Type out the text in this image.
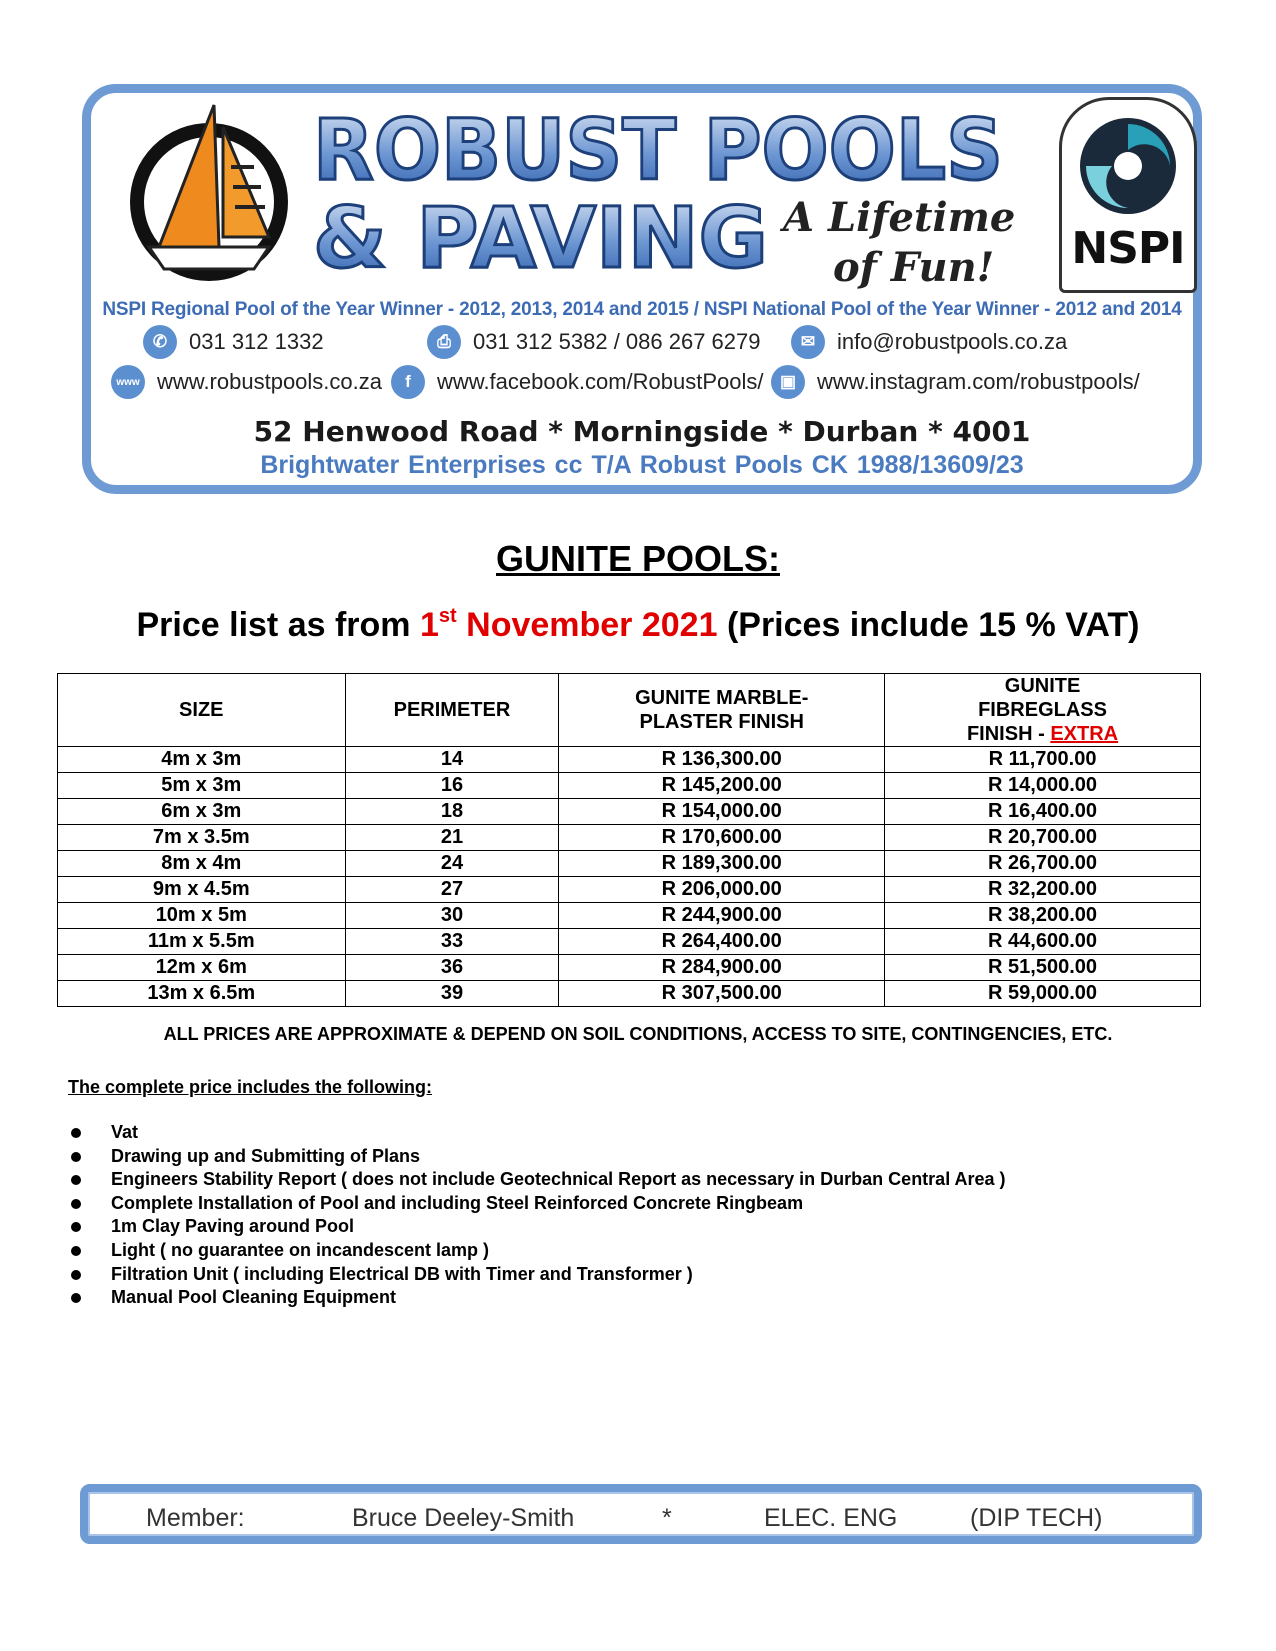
ROBUST POOLS
& PAVING A Lifetime
of Fun! NSPI
NSPI Regional Pool of the Year Winner - 2012, 2013, 2014 and 2015 / NSPI National Pool of the Year Winner - 2012 and 2014
✆ 031 312 1332	⎙	031 312 5382 / 086 267 6279	✉ info@robustpools.co.za
www www.robustpools.co.za	f	www.facebook.com/RobustPools/ ▣ www.instagram.com/robustpools/
52 Henwood Road * Morningside * Durban * 4001
Brightwater Enterprises cc T/A Robust Pools CK 1988/13609/23
GUNITE POOLS:
Price list as from 1st November 2021 (Prices include 15 % VAT)
SIZE	PERIMETER	GUNITE MARBLE-PLASTER FINISH	GUNITE FIBREGLASS FINISH - EXTRA

4m x 3m	14	R 136,300.00	R 11,700.00
5m x 3m	16	R 145,200.00	R 14,000.00
6m x 3m	18	R 154,000.00	R 16,400.00
7m x 3.5m	21	R 170,600.00	R 20,700.00
8m x 4m	24	R 189,300.00	R 26,700.00
9m x 4.5m	27	R 206,000.00	R 32,200.00
10m x 5m	30	R 244,900.00	R 38,200.00
11m x 5.5m	33	R 264,400.00	R 44,600.00
12m x 6m	36	R 284,900.00	R 51,500.00
13m x 6.5m	39	R 307,500.00	R 59,000.00
ALL PRICES ARE APPROXIMATE & DEPEND ON SOIL CONDITIONS, ACCESS TO SITE, CONTINGENCIES, ETC.
The complete price includes the following:
Vat
Drawing up and Submitting of Plans
Engineers Stability Report ( does not include Geotechnical Report as necessary in Durban Central Area )
Complete Installation of Pool and including Steel Reinforced Concrete Ringbeam
1m Clay Paving around Pool
Light ( no guarantee on incandescent lamp )
Filtration Unit ( including Electrical DB with Timer and Transformer )
Manual Pool Cleaning Equipment
Member:	Bruce Deeley-Smith	*	ELEC. ENG	(DIP TECH)
